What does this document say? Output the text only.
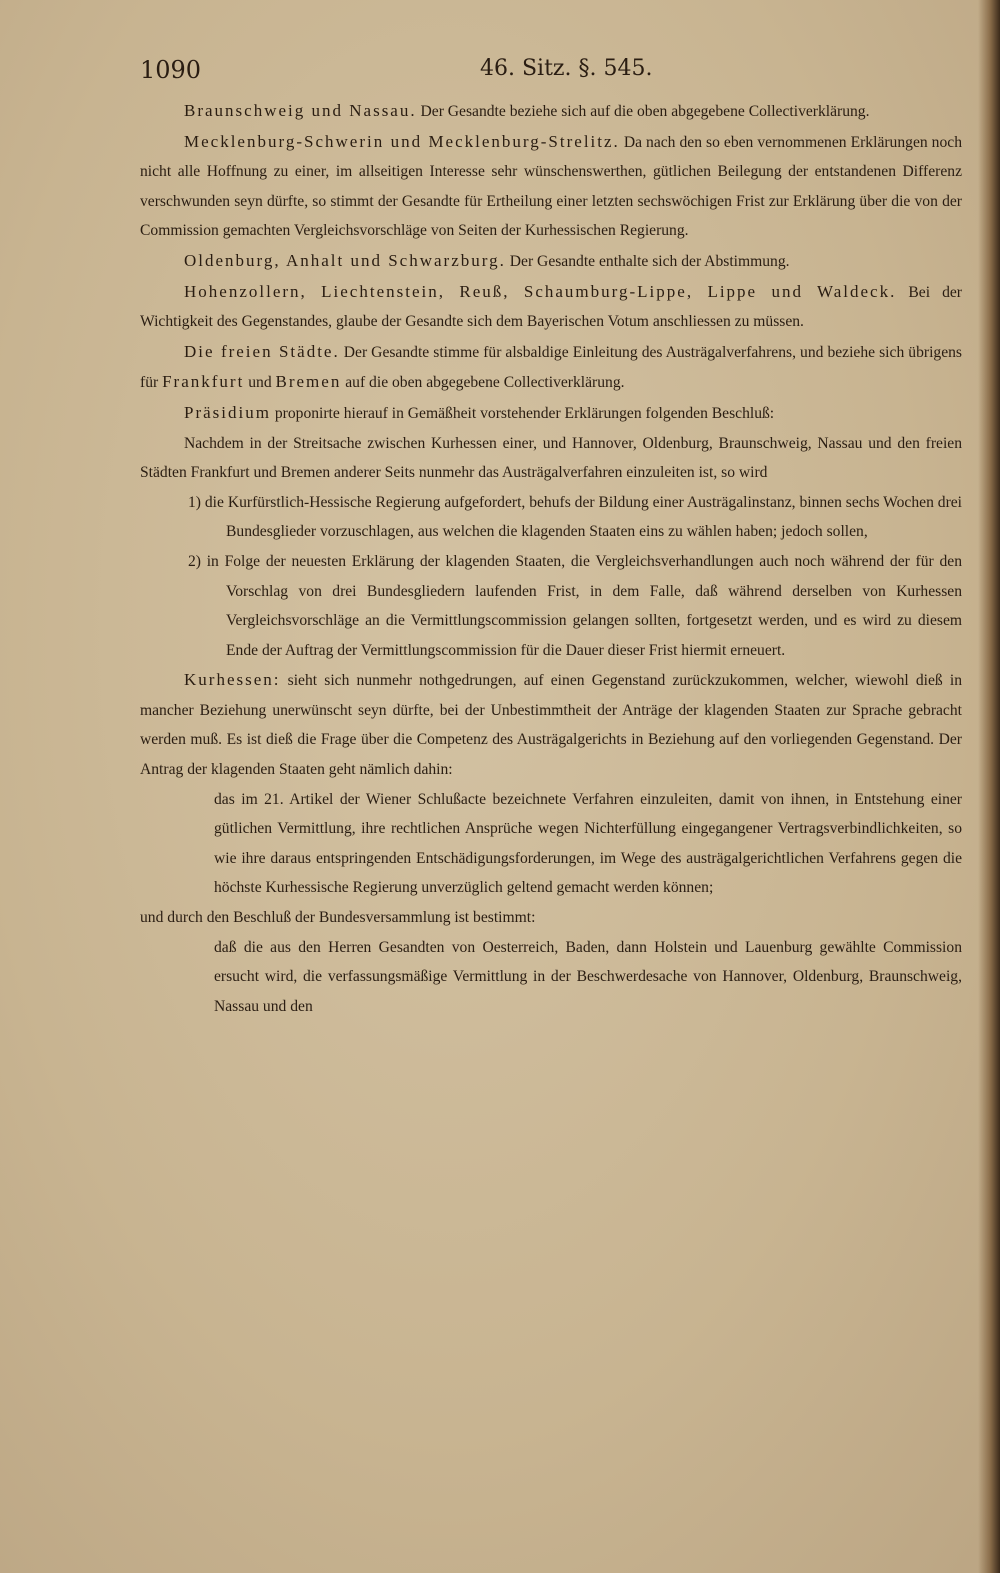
1090	46. Sitz. §. 545.

Braunschweig und Nassau. Der Gesandte beziehe sich auf die oben abgegebene Collectiverklärung.

Mecklenburg-Schwerin und Mecklenburg-Strelitz. Da nach den so eben vernommenen Erklärungen noch nicht alle Hoffnung zu einer, im allseitigen Interesse sehr wünschenswerthen, gütlichen Beilegung der entstandenen Differenz verschwunden seyn dürfte, so stimmt der Gesandte für Ertheilung einer letzten sechswöchigen Frist zur Erklärung über die von der Commission gemachten Vergleichsvorschläge von Seiten der Kurhessischen Regierung.

Oldenburg, Anhalt und Schwarzburg. Der Gesandte enthalte sich der Abstimmung.

Hohenzollern, Liechtenstein, Reuß, Schaumburg-Lippe, Lippe und Waldeck. Bei der Wichtigkeit des Gegenstandes, glaube der Gesandte sich dem Bayerischen Votum anschliessen zu müssen.

Die freien Städte. Der Gesandte stimme für alsbaldige Einleitung des Austrägalverfahrens, und beziehe sich übrigens für Frankfurt und Bremen auf die oben abgegebene Collectiverklärung.

Präsidium proponirte hierauf in Gemäßheit vorstehender Erklärungen folgenden Beschluß:

Nachdem in der Streitsache zwischen Kurhessen einer, und Hannover, Oldenburg, Braunschweig, Nassau und den freien Städten Frankfurt und Bremen anderer Seits nunmehr das Austrägalverfahren einzuleiten ist, so wird

1) die Kurfürstlich-Hessische Regierung aufgefordert, behufs der Bildung einer Austrägalinstanz, binnen sechs Wochen drei Bundesglieder vorzuschlagen, aus welchen die klagenden Staaten eins zu wählen haben; jedoch sollen,

2) in Folge der neuesten Erklärung der klagenden Staaten, die Vergleichsverhandlungen auch noch während der für den Vorschlag von drei Bundesgliedern laufenden Frist, in dem Falle, daß während derselben von Kurhessen Vergleichsvorschläge an die Vermittlungscommission gelangen sollten, fortgesetzt werden, und es wird zu diesem Ende der Auftrag der Vermittlungscommission für die Dauer dieser Frist hiermit erneuert.

Kurhessen: sieht sich nunmehr nothgedrungen, auf einen Gegenstand zurückzukommen, welcher, wiewohl dieß in mancher Beziehung unerwünscht seyn dürfte, bei der Unbestimmtheit der Anträge der klagenden Staaten zur Sprache gebracht werden muß. Es ist dieß die Frage über die Competenz des Austrägalgerichts in Beziehung auf den vorliegenden Gegenstand. Der Antrag der klagenden Staaten geht nämlich dahin:

das im 21. Artikel der Wiener Schlußacte bezeichnete Verfahren einzuleiten, damit von ihnen, in Entstehung einer gütlichen Vermittlung, ihre rechtlichen Ansprüche wegen Nichterfüllung eingegangener Vertragsverbindlichkeiten, so wie ihre daraus entspringenden Entschädigungsforderungen, im Wege des austrägalgerichtlichen Verfahrens gegen die höchste Kurhessische Regierung unverzüglich geltend gemacht werden können;

und durch den Beschluß der Bundesversammlung ist bestimmt:

daß die aus den Herren Gesandten von Oesterreich, Baden, dann Holstein und Lauenburg gewählte Commission ersucht wird, die verfassungsmäßige Vermittlung in der Beschwerdesache von Hannover, Oldenburg, Braunschweig, Nassau und den
